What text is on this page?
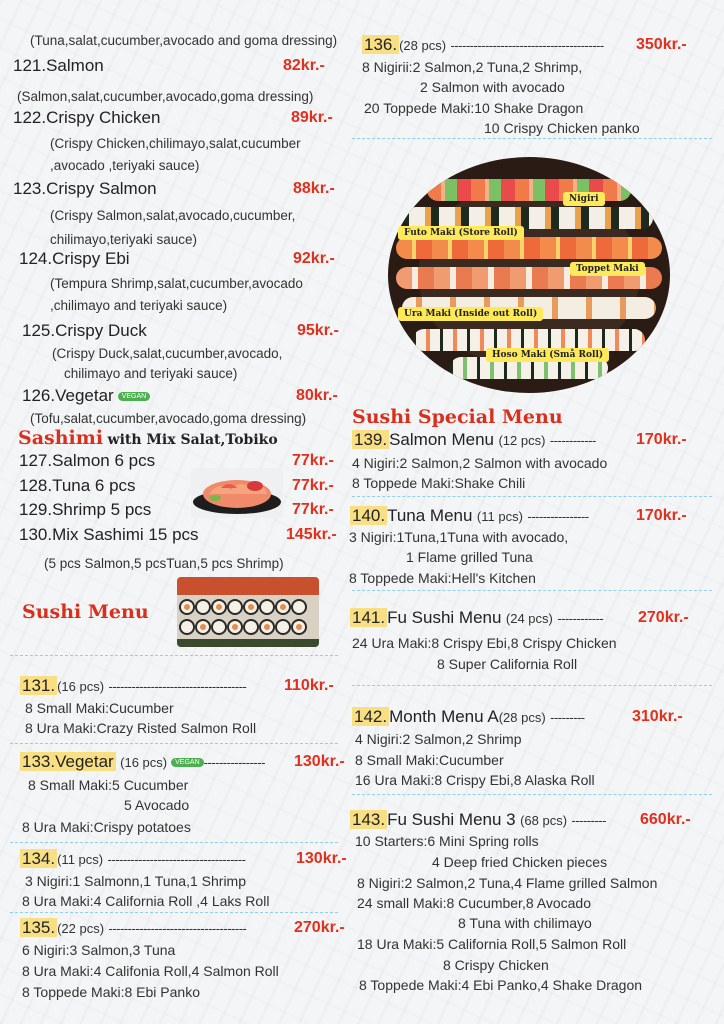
(Tuna,salat,cucumber,avocado and goma dressing)
121.Salmon	82kr.-
(Salmon,salat,cucumber,avocado,goma dressing)
122.Crispy Chicken	89kr.-
(Crispy Chicken,chilimayo,salat,cucumber
,avocado ,teriyaki sauce)
123.Crispy Salmon	88kr.-
(Crispy Salmon,salat,avocado,cucumber,
chilimayo,teriyaki sauce)
124.Crispy Ebi	92kr.-
(Tempura Shrimp,salat,cucumber,avocado
,chilimayo and teriyaki sauce)
125.Crispy Duck	95kr.-
(Crispy Duck,salat,cucumber,avocado,
chilimayo and teriyaki sauce)
126.Vegetar VEGAN	80kr.-
(Tofu,salat,cucumber,avocado,goma dressing)
Sashimi with Mix Salat,Tobiko
127.Salmon 6 pcs	77kr.-
128.Tuna 6 pcs	77kr.-
129.Shrimp 5 pcs	77kr.-
130.Mix Sashimi 15 pcs	145kr.-
(5 pcs Salmon,5 pcsTuan,5 pcs Shrimp)
Sushi Menu
131. (16 pcs) ------------------------------------ 110kr.-
8 Small Maki:Cucumber
8 Ura Maki:Crazy Risted Salmon Roll
133.Vegetar (16 pcs) VEGAN ---------------- 130kr.-
8 Small Maki:5 Cucumber
5 Avocado
8 Ura Maki:Crispy potatoes
134. (11 pcs) ------------------------------------	130kr.-
3 Nigiri:1 Salmonn,1 Tuna,1 Shrimp
8 Ura Maki:4 California Roll ,4 Laks Roll
135. (22 pcs) ------------------------------------	270kr.-
6 Nigiri:3 Salmon,3 Tuna
8 Ura Maki:4 Califonia Roll,4 Salmon Roll
8 Toppede Maki:8 Ebi Panko
136. (28 pcs) ---------------------------------------- 350kr.-
8 Nigirii:2 Salmon,2 Tuna,2 Shrimp,
2 Salmon with avocado
20 Toppede Maki:10 Shake Dragon
10 Crispy Chicken panko
Nigiri
Futo Maki (Store Roll)
Toppet Maki
Ura Maki (Inside out Roll)
Hoso Maki (Små Roll)
Sushi Special Menu
139. Salmon Menu (12 pcs) ------------	170kr.-
4 Nigiri:2 Salmon,2 Salmon with avocado
8 Toppede Maki:Shake Chili
140. Tuna Menu (11 pcs) ----------------	170kr.-
3 Nigiri:1Tuna,1Tuna with avocado,
1 Flame grilled Tuna
8 Toppede Maki:Hell's Kitchen
141. Fu Sushi Menu (24 pcs) ------------ 270kr.-
24 Ura Maki:8 Crispy Ebi,8 Crispy Chicken
8 Super California Roll
142. Month Menu A(28 pcs) ---------	310kr.-
4 Nigiri:2 Salmon,2 Shrimp
8 Small Maki:Cucumber
16 Ura Maki:8 Crispy Ebi,8 Alaska Roll
143. Fu Sushi Menu 3 (68 pcs) --------- 660kr.-
10 Starters:6 Mini Spring rolls
4 Deep fried Chicken pieces
8 Nigiri:2 Salmon,2 Tuna,4 Flame grilled Salmon
24 small Maki:8 Cucumber,8 Avocado
8 Tuna with chilimayo
18 Ura Maki:5 California Roll,5 Salmon Roll
8 Crispy Chicken
8 Toppede Maki:4 Ebi Panko,4 Shake Dragon
